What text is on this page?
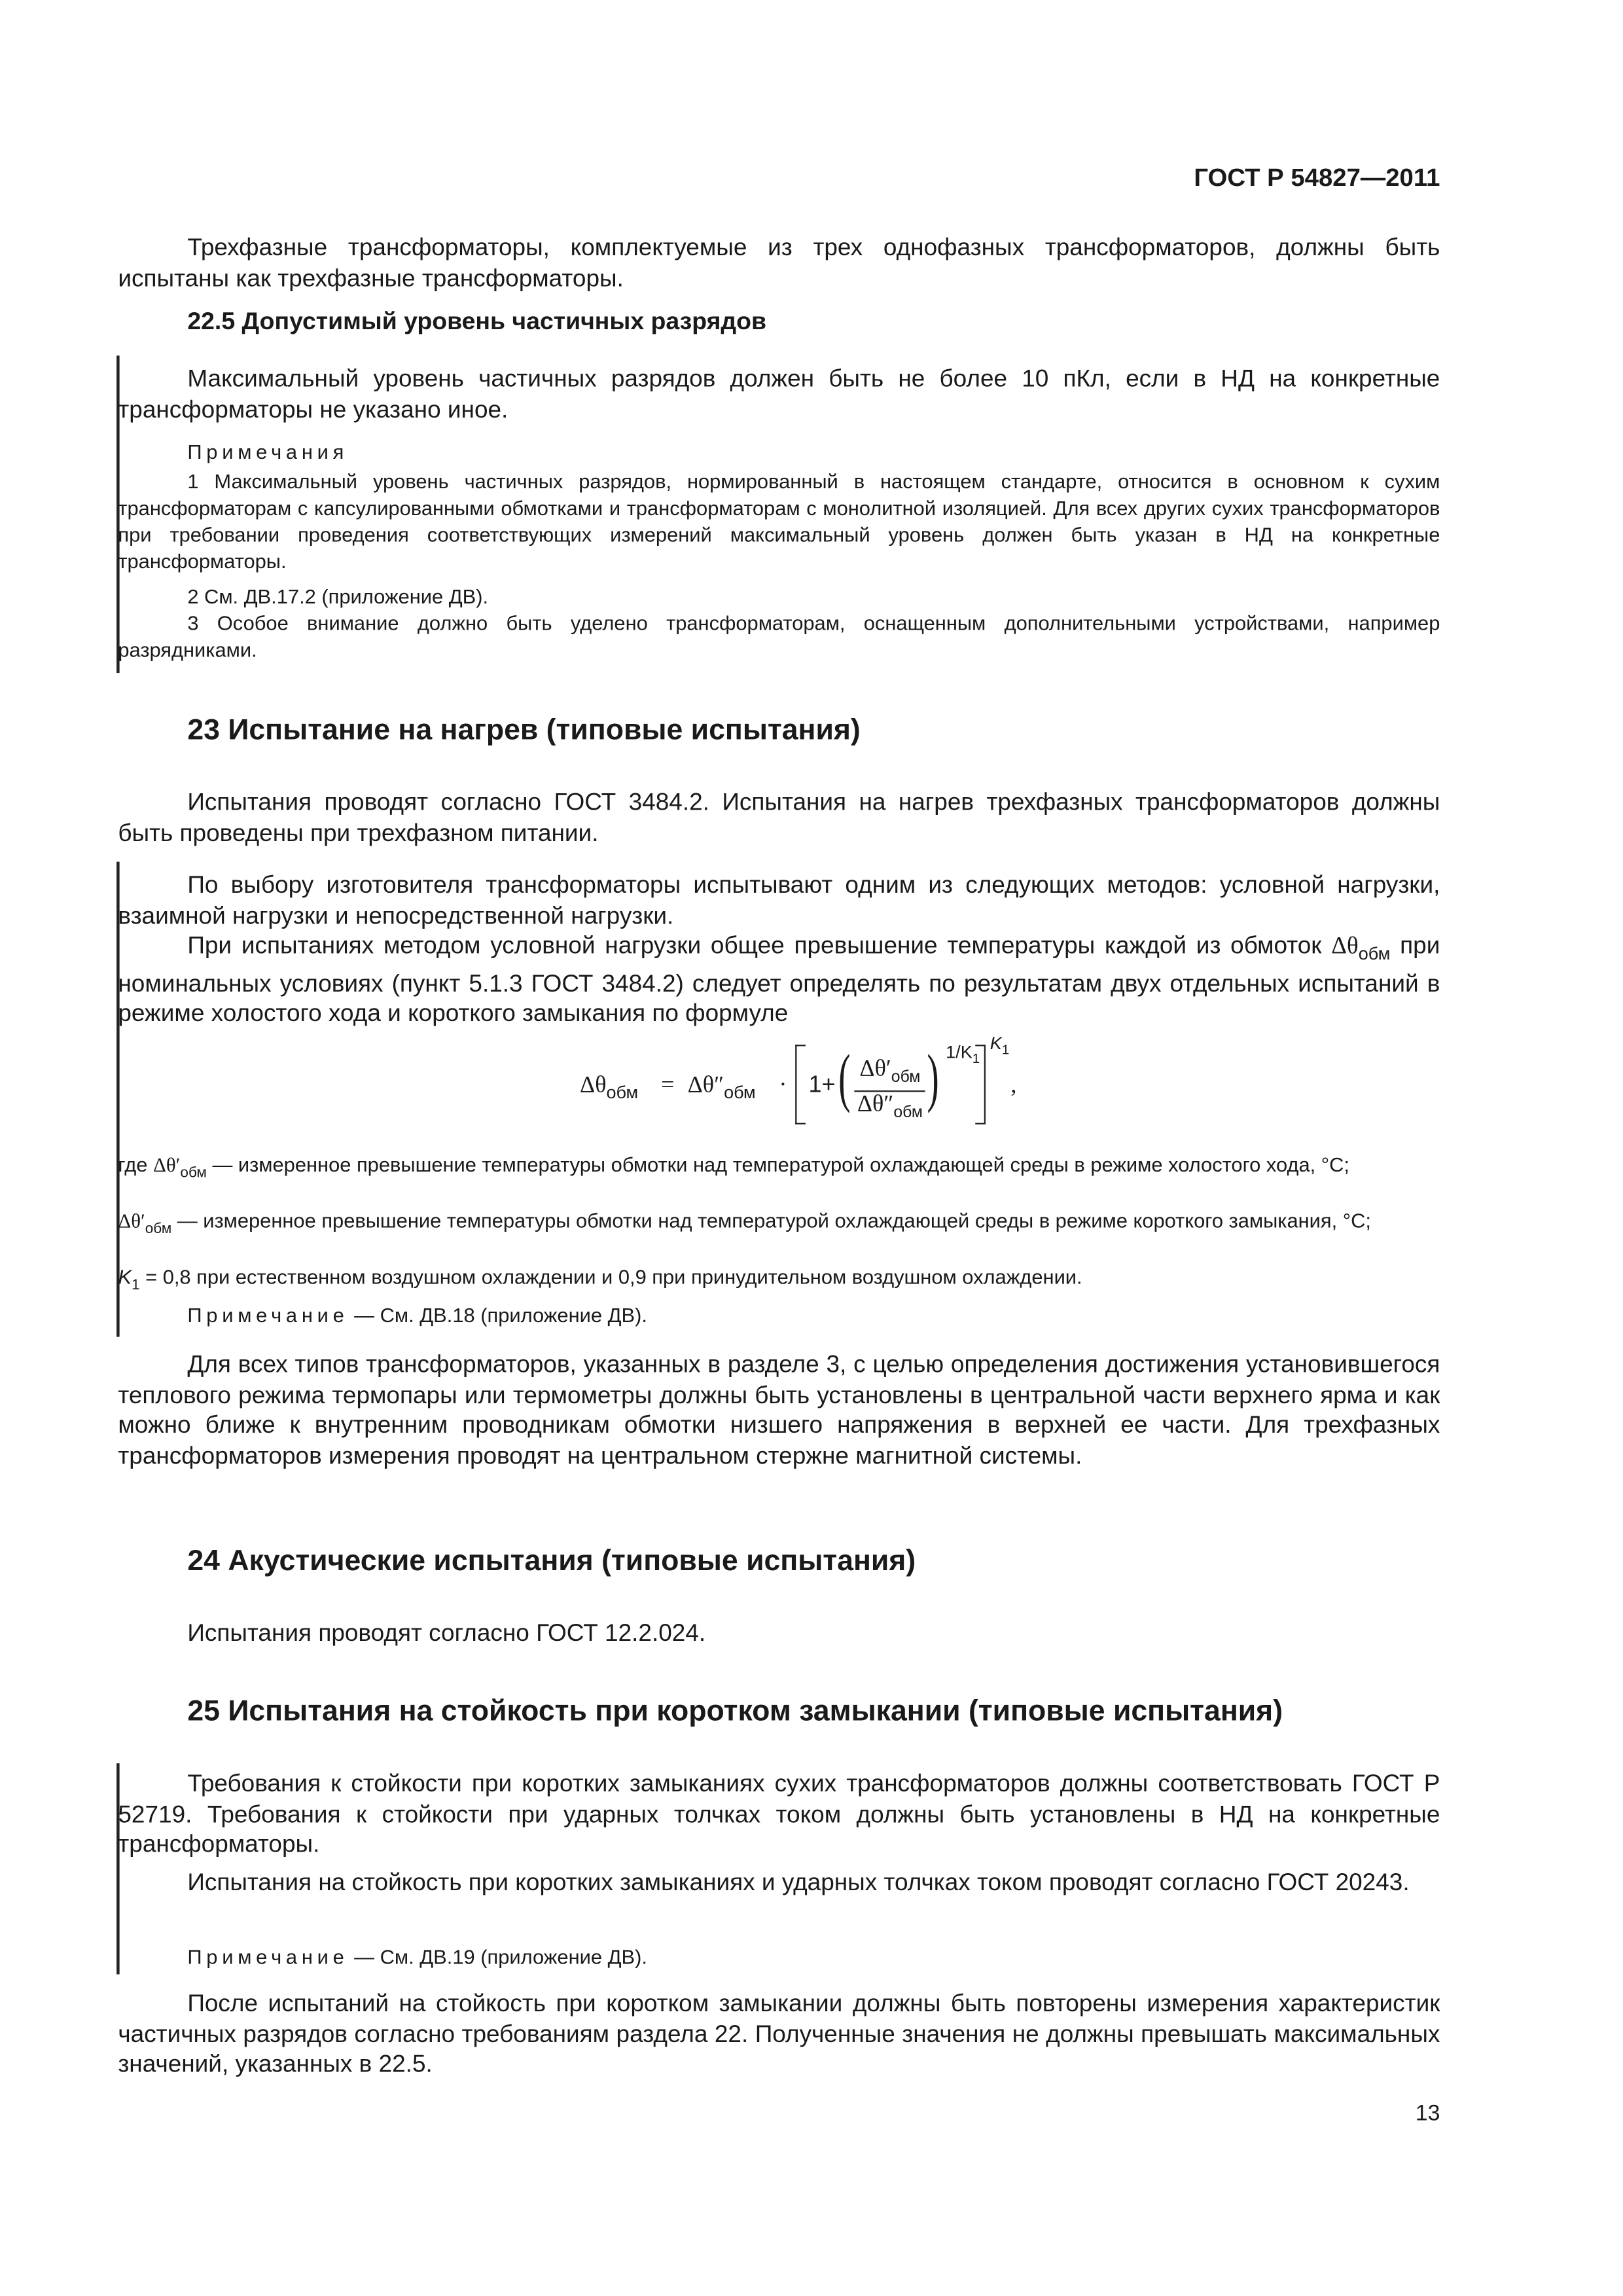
ГОСТ Р 54827—2011

Трехфазные трансформаторы, комплектуемые из трех однофазных трансформаторов, должны быть испытаны как трехфазные трансформаторы.

22.5 Допустимый уровень частичных разрядов

Максимальный уровень частичных разрядов должен быть не более 10 пКл, если в НД на конкретные трансформаторы не указано иное.

Примечания

1 Максимальный уровень частичных разрядов, нормированный в настоящем стандарте, относится в основном к сухим трансформаторам с капсулированными обмотками и трансформаторам с монолитной изоляцией. Для всех других сухих трансформаторов при требовании проведения соответствующих измерений максимальный уровень должен быть указан в НД на конкретные трансформаторы.

2 См. ДВ.17.2 (приложение ДВ).

3 Особое внимание должно быть уделено трансформаторам, оснащенным дополнительными устройствами, например разрядниками.

23 Испытание на нагрев (типовые испытания)

Испытания проводят согласно ГОСТ 3484.2. Испытания на нагрев трехфазных трансформаторов должны быть проведены при трехфазном питании.

По выбору изготовителя трансформаторы испытывают одним из следующих методов: условной нагрузки, взаимной нагрузки и непосредственной нагрузки.

При испытаниях методом условной нагрузки общее превышение температуры каждой из обмоток $\Delta\theta_{обм}$ при номинальных условиях (пункт 5.1.3 ГОСТ 3484.2) следует определять по результатам двух отдельных испытаний в режиме холостого хода и короткого замыкания по формуле

$\Delta\theta_{обм} = \Delta\theta''_{обм} \cdot 1+$ ( $\frac{\Delta\theta'_{обм}}{\Delta\theta''_{обм}}$ ) $1/K_1$
$K_1$
,

где $\Delta\theta'_{обм}$ — измеренное превышение температуры обмотки над температурой охлаждающей среды в режиме холостого хода, °С;

$\Delta\theta'_{обм}$ — измеренное превышение температуры обмотки над температурой охлаждающей среды в режиме короткого замыкания, °С;

$K_1 = 0,8$ при естественном воздушном охлаждении и 0,9 при принудительном воздушном охлаждении.

Примечание — См. ДВ.18 (приложение ДВ).

Для всех типов трансформаторов, указанных в разделе 3, с целью определения достижения установившегося теплового режима термопары или термометры должны быть установлены в центральной части верхнего ярма и как можно ближе к внутренним проводникам обмотки низшего напряжения в верхней ее части. Для трехфазных трансформаторов измерения проводят на центральном стержне магнитной системы.

24 Акустические испытания (типовые испытания)

Испытания проводят согласно ГОСТ 12.2.024.

25 Испытания на стойкость при коротком замыкании (типовые испытания)

Требования к стойкости при коротких замыканиях сухих трансформаторов должны соответствовать ГОСТ Р 52719. Требования к стойкости при ударных толчках током должны быть установлены в НД на конкретные трансформаторы.

Испытания на стойкость при коротких замыканиях и ударных толчках током проводят согласно ГОСТ 20243.

Примечание — См. ДВ.19 (приложение ДВ).

После испытаний на стойкость при коротком замыкании должны быть повторены измерения характеристик частичных разрядов согласно требованиям раздела 22. Полученные значения не должны превышать максимальных значений, указанных в 22.5.

13
